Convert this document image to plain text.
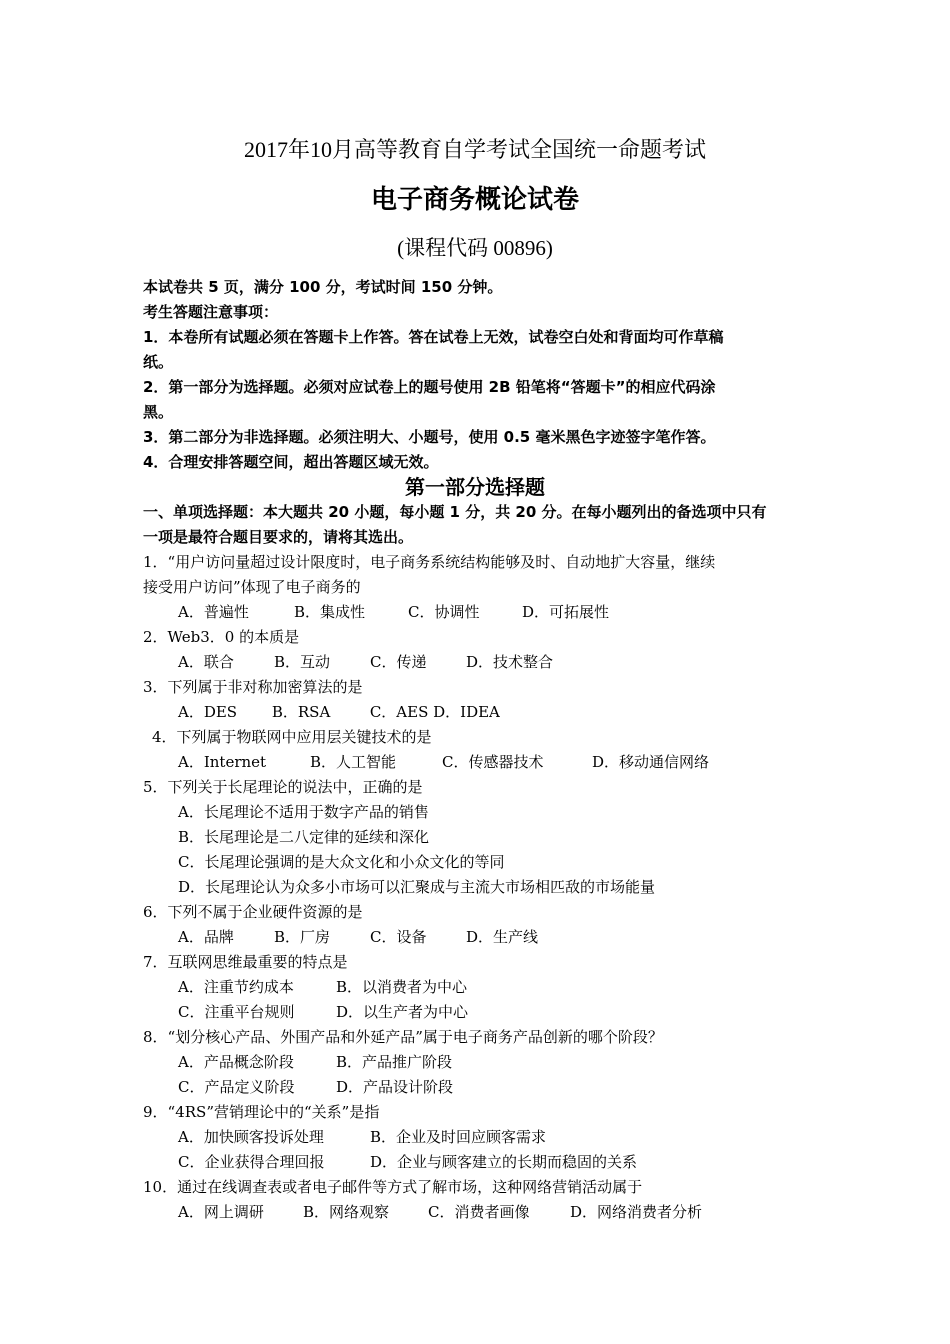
2017年10月高等教育自学考试全国统一命题考试
电子商务概论试卷
(课程代码 00896)
本试卷共 5 页，满分 100 分，考试时间 150 分钟。
考生答题注意事项：
1．本卷所有试题必须在答题卡上作答。答在试卷上无效，试卷空白处和背面均可作草稿
纸。
2．第一部分为选择题。必须对应试卷上的题号使用 2B 铅笔将“答题卡”的相应代码涂
黑。
3．第二部分为非选择题。必须注明大、小题号，使用 0.5 毫米黑色字迹签字笔作答。
4．合理安排答题空间，超出答题区域无效。
第一部分选择题
一、单项选择题：本大题共 20 小题，每小题 1 分，共 20 分。在每小题列出的备选项中只有
一项是最符合题目要求的，请将其选出。
1．“用户访问量超过设计限度时，电子商务系统结构能够及时、自动地扩大容量，继续
接受用户访问”体现了电子商务的
A．普遍性	B．集成性	C．协调性	D．可拓展性
2．Web3．0 的本质是
A．联合	B．互动	C．传递	D．技术整合
3．下列属于非对称加密算法的是
A．DES　　 B．RSA 　　 C．AES D．IDEA
4．下列属于物联网中应用层关键技术的是
A．Internet	B．人工智能	C．传感器技术	D．移动通信网络
5．下列关于长尾理论的说法中，正确的是
A．长尾理论不适用于数字产品的销售
B．长尾理论是二八定律的延续和深化
C．长尾理论强调的是大众文化和小众文化的等同
D．长尾理论认为众多小市场可以汇聚成与主流大市场相匹敌的市场能量
6．下列不属于企业硬件资源的是
A．品牌	B．厂房	C．设备	D．生产线
7．互联网思维最重要的特点是
A．注重节约成本	B．以消费者为中心
C．注重平台规则	D．以生产者为中心
8．“划分核心产品、外围产品和外延产品”属于电子商务产品创新的哪个阶段？
A．产品概念阶段	B．产品推广阶段
C．产品定义阶段	D．产品设计阶段
9．“4RS”营销理论中的“关系”是指
A．加快顾客投诉处理	B．企业及时回应顾客需求
C．企业获得合理回报	D．企业与顾客建立的长期而稳固的关系
10．通过在线调查表或者电子邮件等方式了解市场，这种网络营销活动属于
A．网上调研	B．网络观察	C．消费者画像	D．网络消费者分析
